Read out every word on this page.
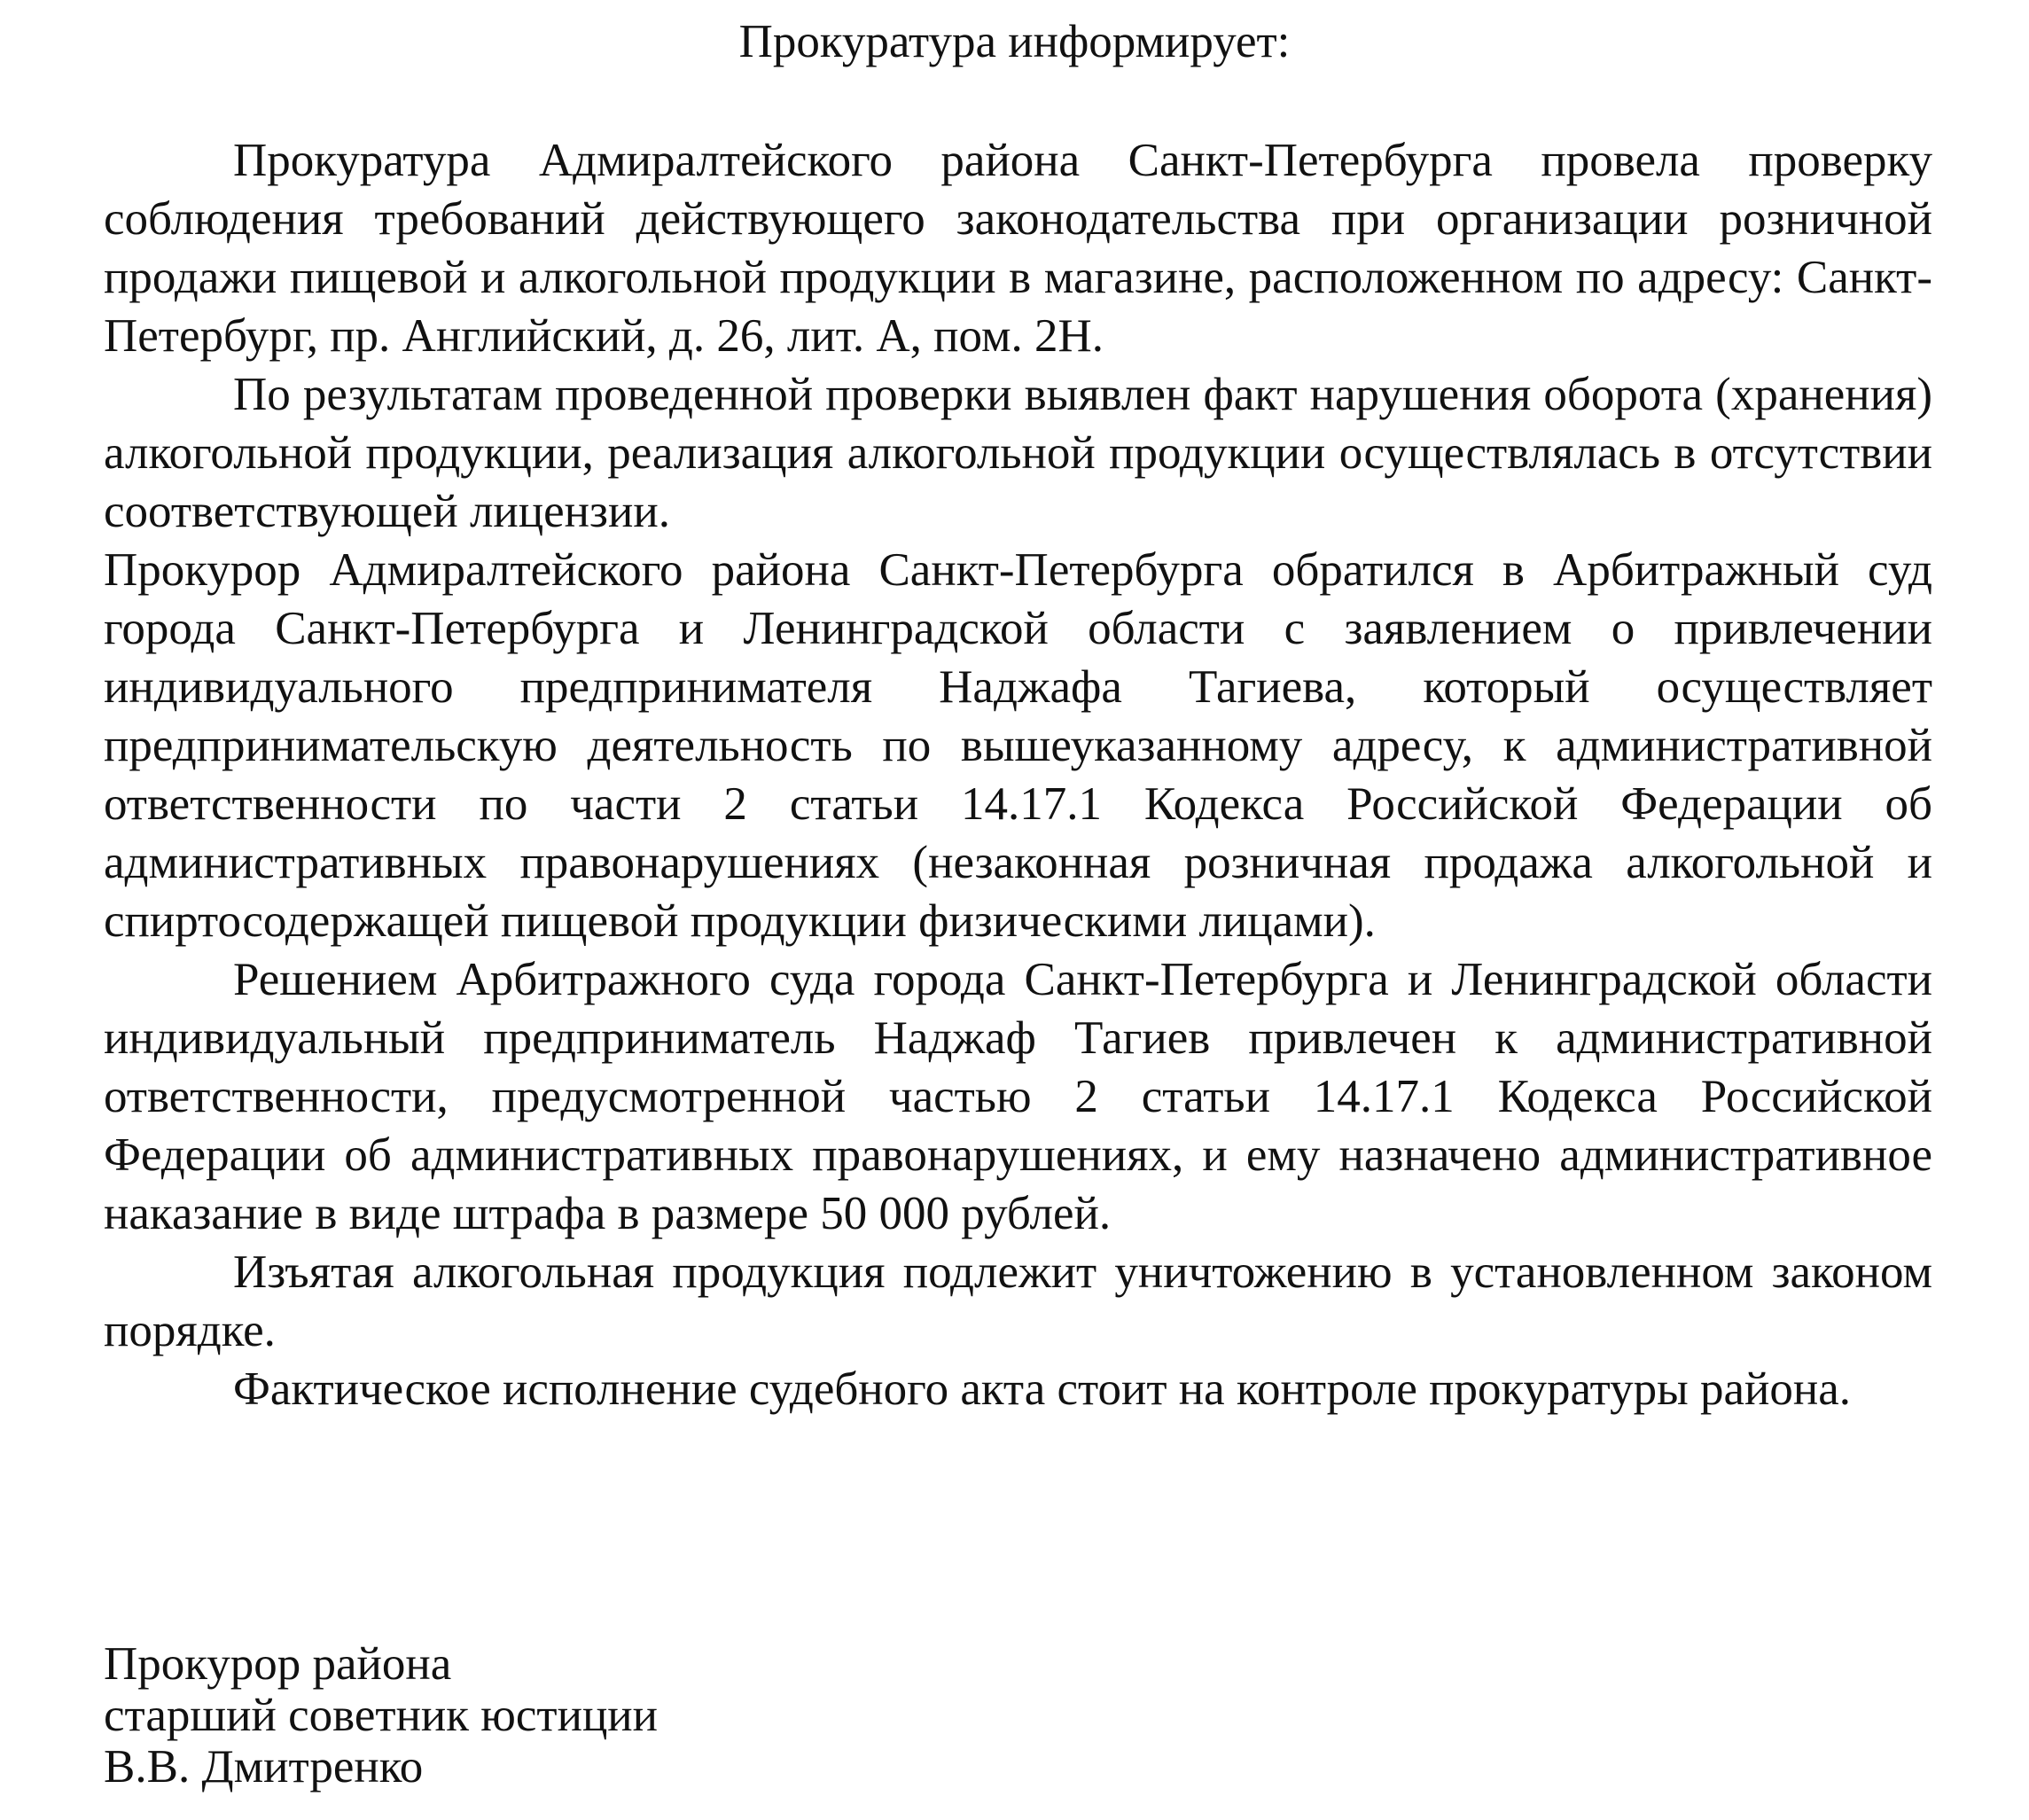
Прокуратура информирует:

Прокуратура Адмиралтейского района Санкт-Петербурга провела проверку соблюдения требований действующего законодательства при организации розничной продажи пищевой и алкогольной продукции в магазине, расположенном по адресу: Санкт-Петербург, пр. Английский, д. 26, лит. А, пом. 2Н.

По результатам проведенной проверки выявлен факт нарушения оборота (хранения) алкогольной продукции, реализация алкогольной продукции осуществлялась в отсутствии соответствующей лицензии.

Прокурор Адмиралтейского района Санкт-Петербурга обратился в Арбитражный суд города Санкт-Петербурга и Ленинградской области с заявлением о привлечении индивидуального предпринимателя Наджафа Тагиева, который осуществляет предпринимательскую деятельность по вышеуказанному адресу, к административной ответственности по части 2 статьи 14.17.1 Кодекса Российской Федерации об административных правонарушениях (незаконная розничная продажа алкогольной и спиртосодержащей пищевой продукции физическими лицами).

Решением Арбитражного суда города Санкт-Петербурга и Ленинградской области индивидуальный предприниматель Наджаф Тагиев привлечен к административной ответственности, предусмотренной частью 2 статьи 14.17.1 Кодекса Российской Федерации об административных правонарушениях, и ему назначено административное наказание в виде штрафа в размере 50 000 рублей.

Изъятая алкогольная продукция подлежит уничтожению в установленном законом порядке.

Фактическое исполнение судебного акта стоит на контроле прокуратуры района.

Прокурор района
старший советник юстиции
В.В. Дмитренко
